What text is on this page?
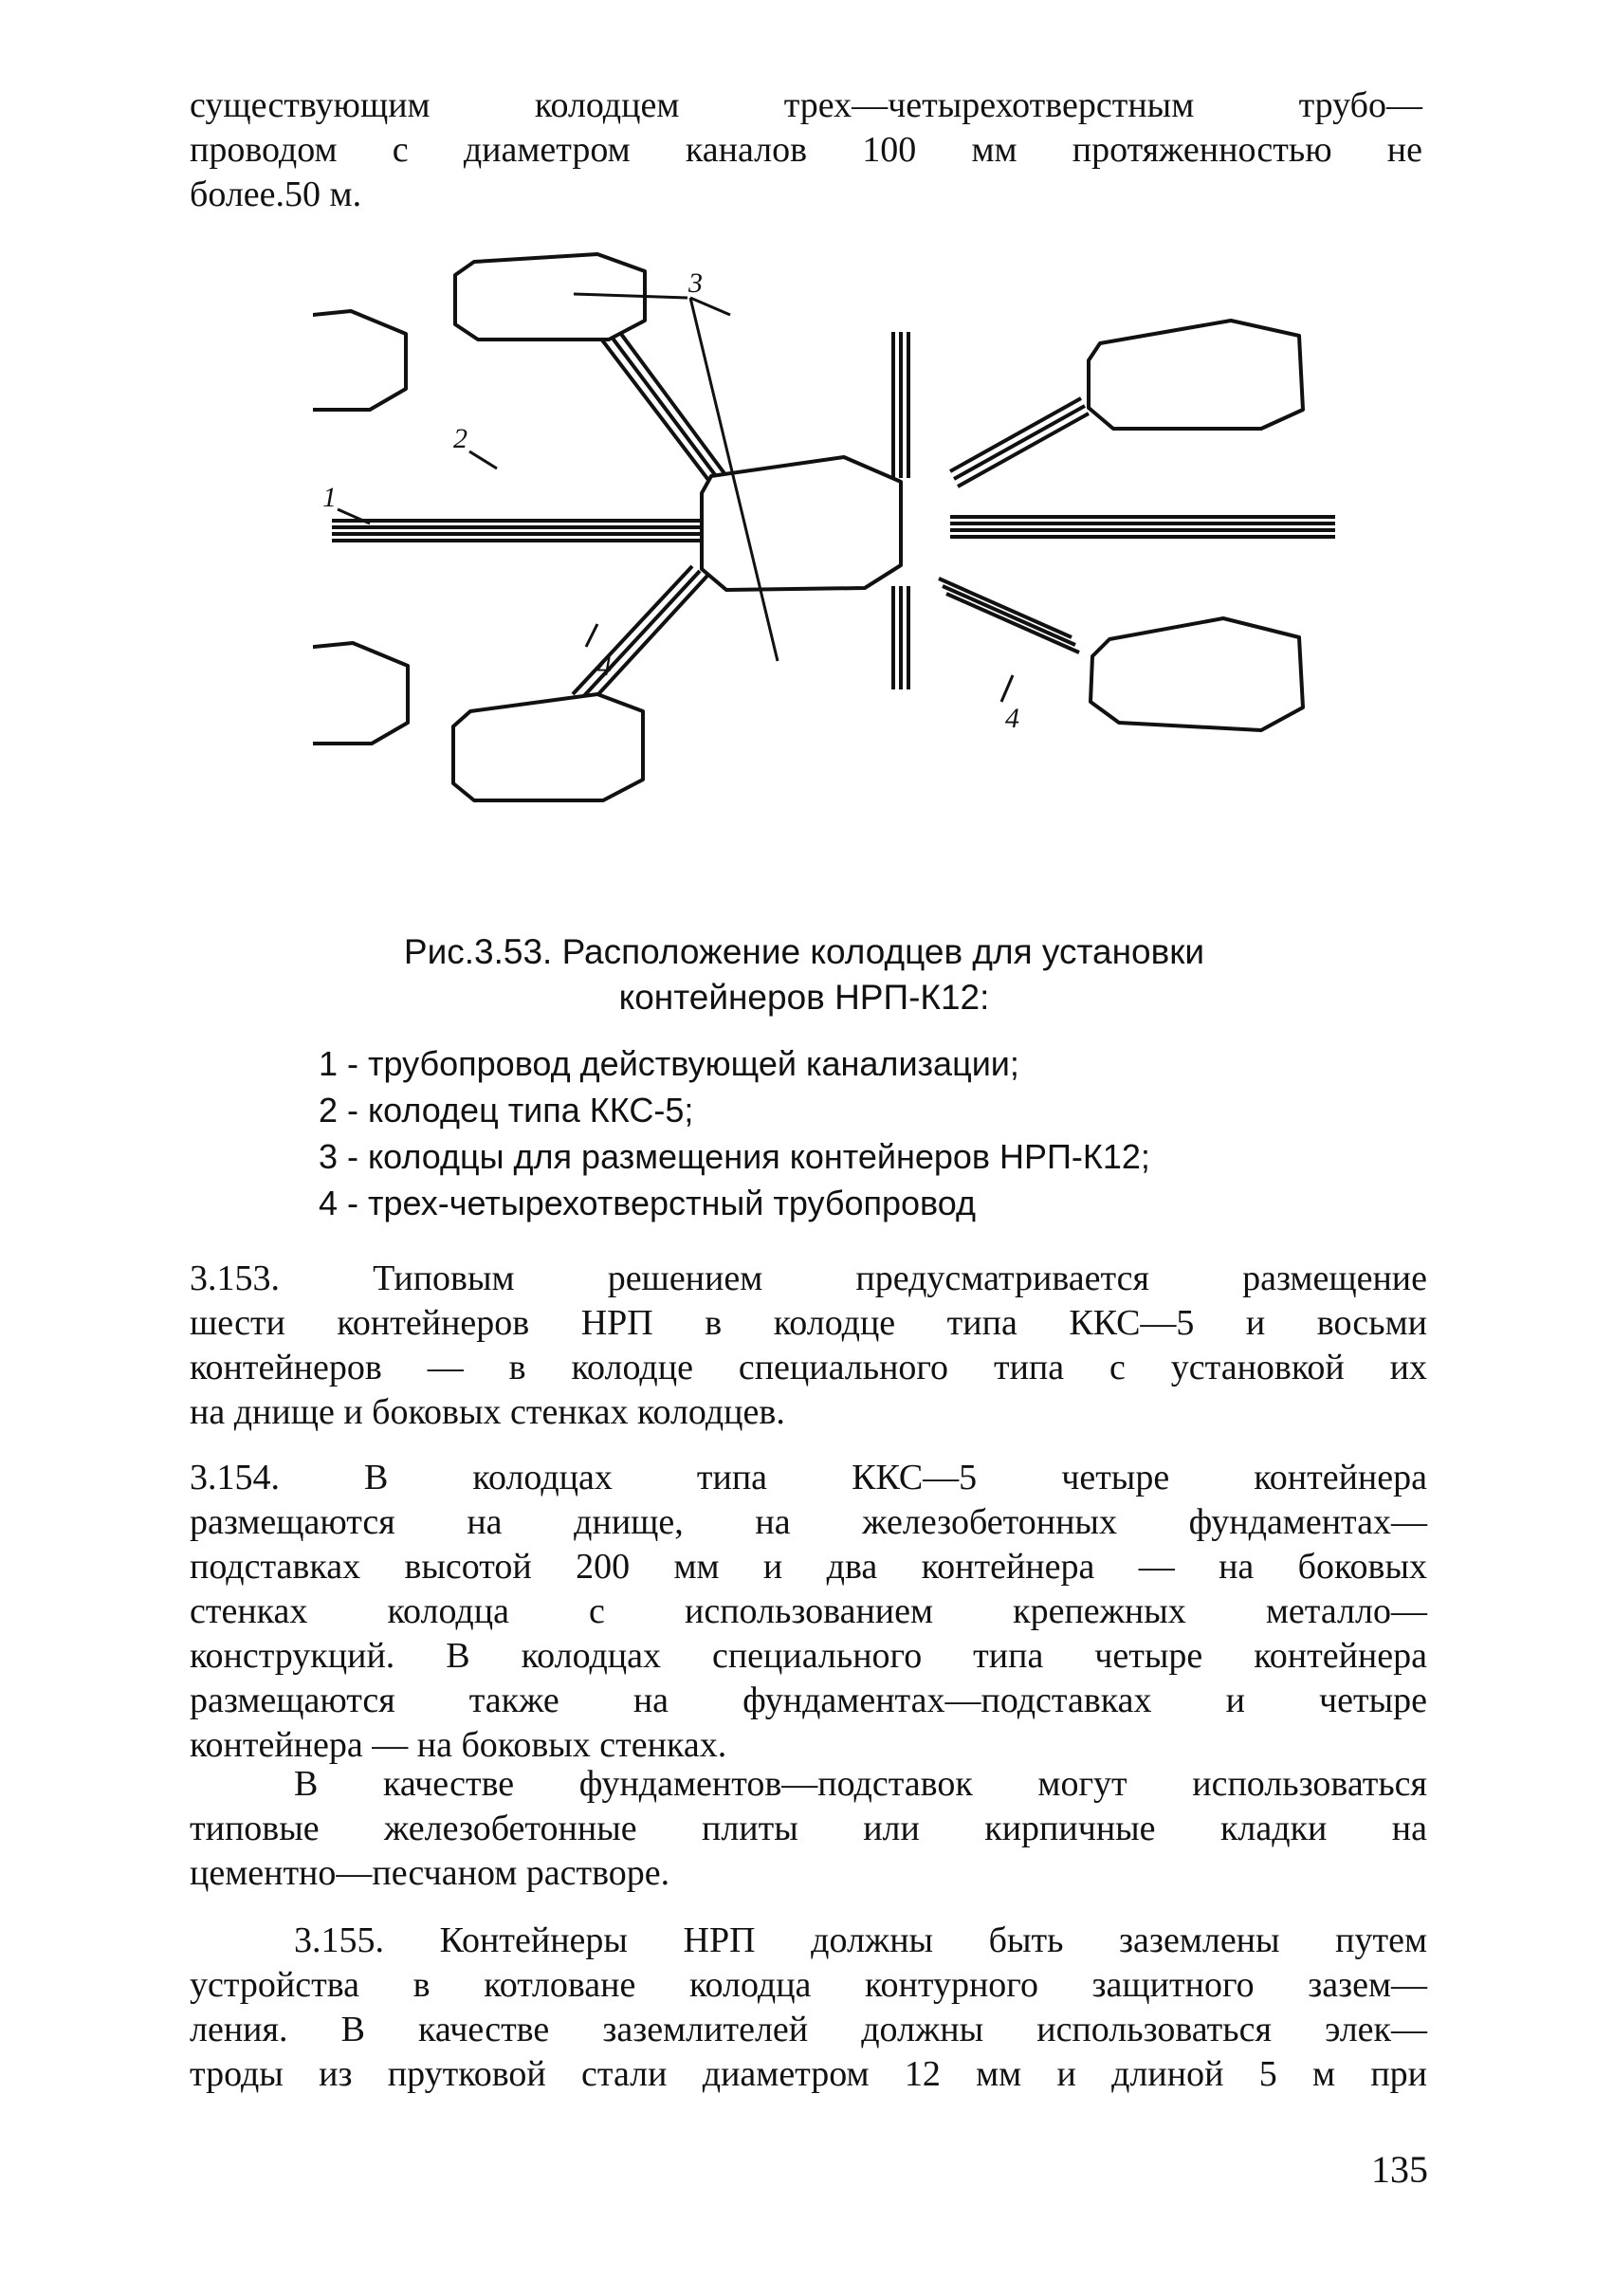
существующим колодцем трех—четырехотверстным трубо—
проводом с диаметром каналов 100 мм протяженностью не
более.50 м.
1
3
2
4
4
Рис.3.53. Расположение колодцев для установки
контейнеров НРП-К12:
1 - трубопровод действующей канализации;
2 - колодец типа ККС-5;
3 - колодцы для размещения контейнеров НРП-К12;
4 - трех-четырехотверстный трубопровод
3.153. Типовым решением предусматривается размещение
шести контейнеров НРП в колодце типа ККС—5 и восьми
контейнеров — в колодце специального типа с установкой их
на днище и боковых стенках колодцев.
3.154. В колодцах типа ККС—5 четыре контейнера
размещаются на днище, на железобетонных фундаментах—
подставках высотой 200 мм и два контейнера — на боковых
стенках колодца с использованием крепежных металло—
конструкций. В колодцах специального типа четыре контейнера
размещаются также на фундаментах—подставках и четыре
контейнера — на боковых стенках.
В качестве фундаментов—подставок могут использоваться
типовые железобетонные плиты или кирпичные кладки на
цементно—песчаном растворе.
3.155. Контейнеры НРП должны быть заземлены путем
устройства в котловане колодца контурного защитного зазем—
ления. В качестве заземлителей должны использоваться элек—
троды из прутковой стали диаметром 12 мм и длиной 5 м при
135
